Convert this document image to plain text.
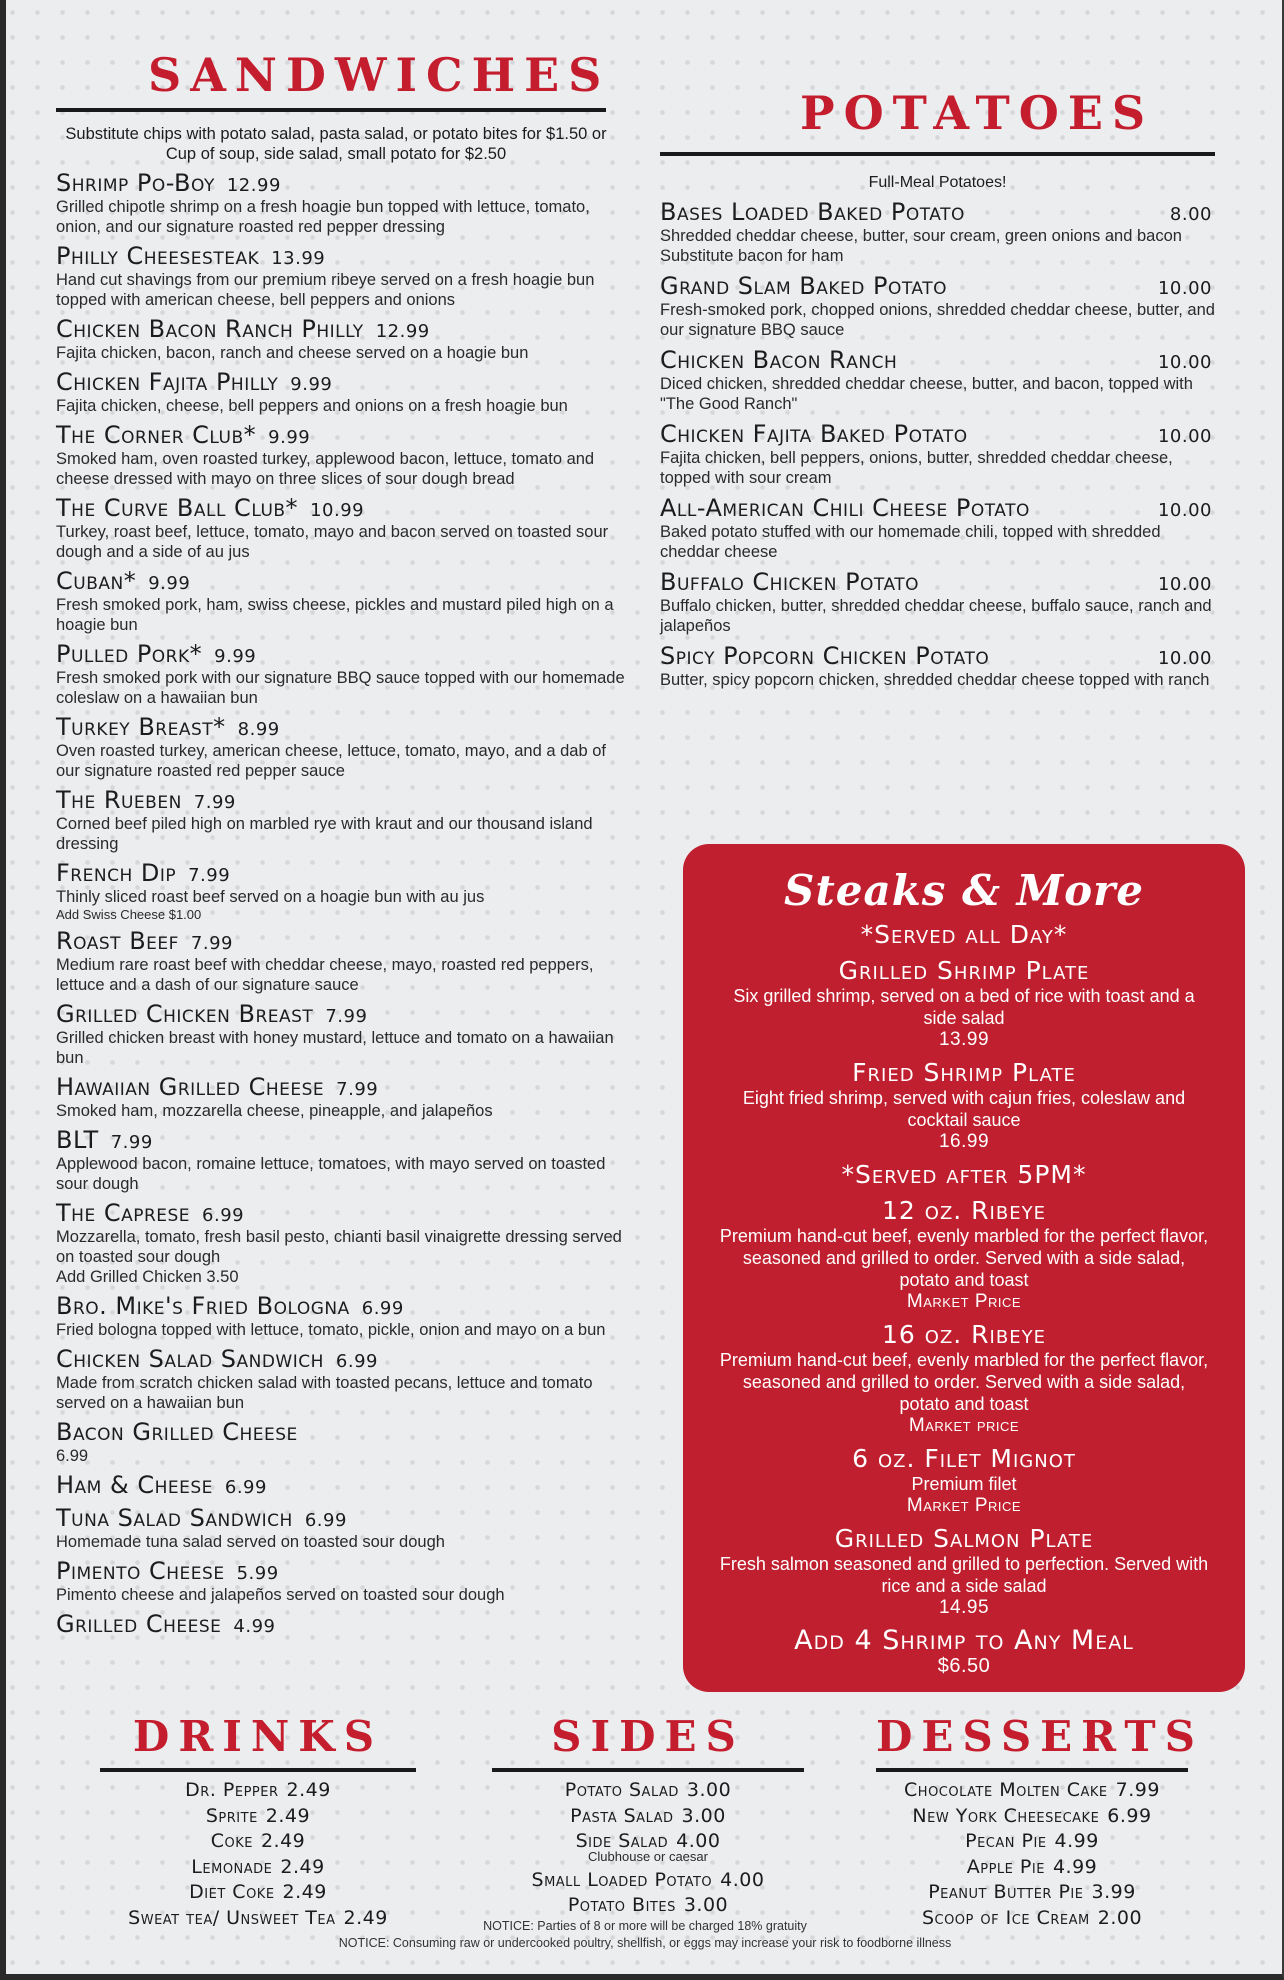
SANDWICHES

Substitute chips with potato salad, pasta salad, or potato bites for $1.50 or Cup of soup, side salad, small potato for $2.50

Shrimp Po-Boy 12.99
Grilled chipotle shrimp on a fresh hoagie bun topped with lettuce, tomato, onion, and our signature roasted red pepper dressing
Philly Cheesesteak 13.99
Hand cut shavings from our premium ribeye served on a fresh hoagie bun topped with american cheese, bell peppers and onions
Chicken Bacon Ranch Philly 12.99
Fajita chicken, bacon, ranch and cheese served on a hoagie bun
Chicken Fajita Philly 9.99
Fajita chicken, cheese, bell peppers and onions on a fresh hoagie bun
The Corner Club* 9.99
Smoked ham, oven roasted turkey, applewood bacon, lettuce, tomato and cheese dressed with mayo on three slices of sour dough bread
The Curve Ball Club* 10.99
Turkey, roast beef, lettuce, tomato, mayo and bacon served on toasted sour dough and a side of au jus
Cuban* 9.99
Fresh smoked pork, ham, swiss cheese, pickles and mustard piled high on a hoagie bun
Pulled Pork* 9.99
Fresh smoked pork with our signature BBQ sauce topped with our homemade coleslaw on a hawaiian bun
Turkey Breast* 8.99
Oven roasted turkey, american cheese, lettuce, tomato, mayo, and a dab of our signature roasted red pepper sauce
The Rueben 7.99
Corned beef piled high on marbled rye with kraut and our thousand island dressing
French Dip 7.99
Thinly sliced roast beef served on a hoagie bun with au jus
Add Swiss Cheese $1.00
Roast Beef 7.99
Medium rare roast beef with cheddar cheese, mayo, roasted red peppers, lettuce and a dash of our signature sauce
Grilled Chicken Breast 7.99
Grilled chicken breast with honey mustard, lettuce and tomato on a hawaiian bun
Hawaiian Grilled Cheese 7.99
Smoked ham, mozzarella cheese, pineapple, and jalapeños
BLT 7.99
Applewood bacon, romaine lettuce, tomatoes, with mayo served on toasted sour dough
The Caprese 6.99
Mozzarella, tomato, fresh basil pesto, chianti basil vinaigrette dressing served on toasted sour dough
Add Grilled Chicken 3.50
Bro. Mike's Fried Bologna 6.99
Fried bologna topped with lettuce, tomato, pickle, onion and mayo on a bun
Chicken Salad Sandwich 6.99
Made from scratch chicken salad with toasted pecans, lettuce and tomato served on a hawaiian bun
Bacon Grilled Cheese
6.99
Ham & Cheese 6.99
Tuna Salad Sandwich 6.99
Homemade tuna salad served on toasted sour dough
Pimento Cheese 5.99
Pimento cheese and jalapeños served on toasted sour dough
Grilled Cheese 4.99
POTATOES

Full-Meal Potatoes!

Bases Loaded Baked Potato	8.00
Shredded cheddar cheese, butter, sour cream, green onions and bacon
Substitute bacon for ham
Grand Slam Baked Potato	10.00
Fresh-smoked pork, chopped onions, shredded cheddar cheese, butter, and our signature BBQ sauce
Chicken Bacon Ranch	10.00
Diced chicken, shredded cheddar cheese, butter, and bacon, topped with "The Good Ranch"
Chicken Fajita Baked Potato	10.00
Fajita chicken, bell peppers, onions, butter, shredded cheddar cheese, topped with sour cream
All-American Chili Cheese Potato	10.00
Baked potato stuffed with our homemade chili, topped with shredded cheddar cheese
Buffalo Chicken Potato	10.00
Buffalo chicken, butter, shredded cheddar cheese, buffalo sauce, ranch and jalapeños
Spicy Popcorn Chicken Potato	10.00
Butter, spicy popcorn chicken, shredded cheddar cheese topped with ranch
Steaks & More
*Served all Day*
Grilled Shrimp Plate
Six grilled shrimp, served on a bed of rice with toast and a side salad
13.99
Fried Shrimp Plate
Eight fried shrimp, served with cajun fries, coleslaw and cocktail sauce
16.99
*Served after 5PM*
12 oz. Ribeye
Premium hand-cut beef, evenly marbled for the perfect flavor, seasoned and grilled to order. Served with a side salad, potato and toast
Market Price
16 oz. Ribeye
Premium hand-cut beef, evenly marbled for the perfect flavor, seasoned and grilled to order. Served with a side salad, potato and toast
Market price
6 oz. Filet Mignot
Premium filet
Market Price
Grilled Salmon Plate
Fresh salmon seasoned and grilled to perfection. Served with rice and a side salad
14.95
Add 4 Shrimp to Any Meal
$6.50
DRINKS
Dr. Pepper 2.49
Sprite 2.49
Coke 2.49
Lemonade 2.49
Diet Coke 2.49
Sweat tea/ Unsweet Tea 2.49
SIDES
Potato Salad 3.00
Pasta Salad 3.00
Side Salad 4.00
Clubhouse or caesar
Small Loaded Potato 4.00
Potato Bites 3.00
DESSERTS
Chocolate Molten Cake 7.99
New York Cheesecake 6.99
Pecan Pie 4.99
Apple Pie 4.99
Peanut Butter Pie 3.99
Scoop of Ice Cream 2.00
NOTICE: Parties of 8 or more will be charged 18% gratuity
NOTICE: Consuming raw or undercooked poultry, shellfish, or eggs may increase your risk to foodborne illness
